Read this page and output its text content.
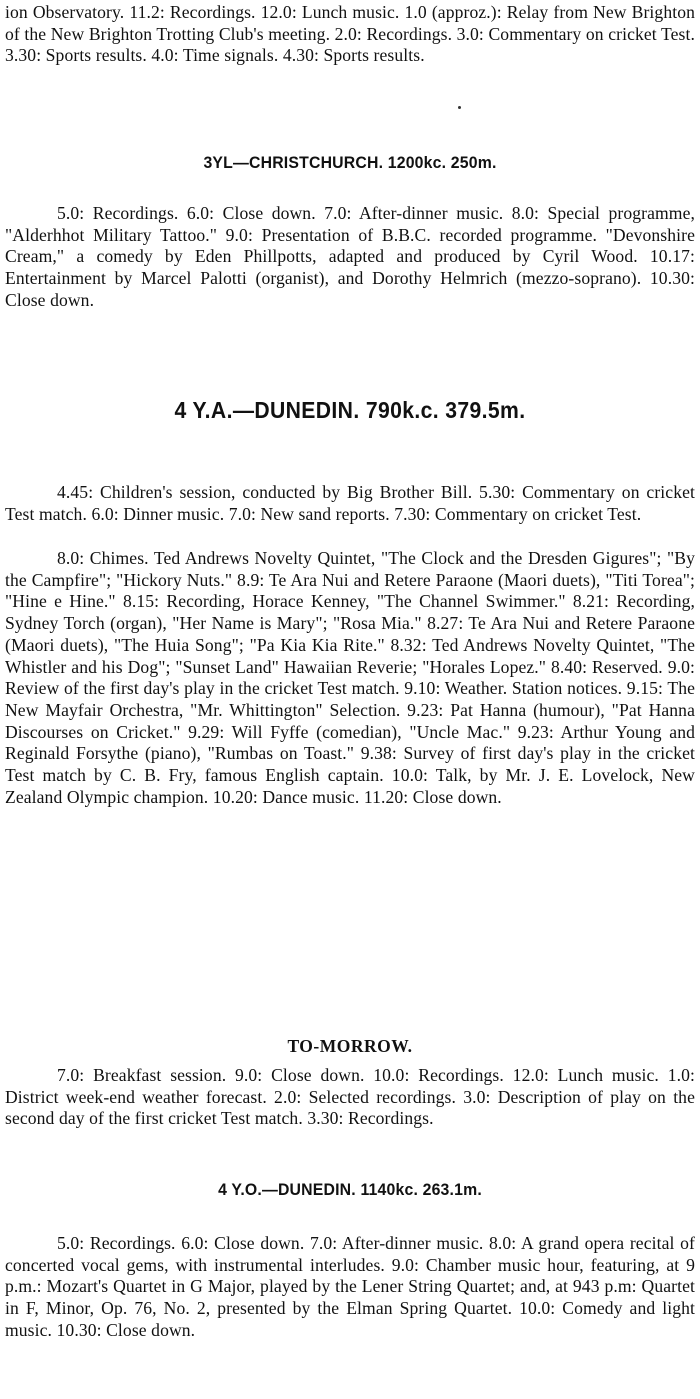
ion Observatory. 11.2: Recordings. 12.0: Lunch music. 1.0 (approz.): Relay from New Brighton of the New Brighton Trotting Club's meeting. 2.0: Recordings. 3.0: Commentary on cricket Test. 3.30: Sports results. 4.0: Time signals. 4.30: Sports results.

3YL—CHRISTCHURCH. 1200kc. 250m.

5.0: Recordings. 6.0: Close down. 7.0: After-dinner music. 8.0: Special programme, "Alderhhot Military Tattoo." 9.0: Presentation of B.B.C. recorded programme. "Devonshire Cream," a comedy by Eden Phillpotts, adapted and produced by Cyril Wood. 10.17: Entertainment by Marcel Palotti (organist), and Dorothy Helmrich (mezzo-soprano). 10.30: Close down.

4 Y.A.—DUNEDIN. 790k.c. 379.5m.

4.45: Children's session, conducted by Big Brother Bill. 5.30: Commentary on cricket Test match. 6.0: Dinner music. 7.0: New sand reports. 7.30: Commentary on cricket Test.

8.0: Chimes. Ted Andrews Novelty Quintet, "The Clock and the Dresden Gigures"; "By the Campfire"; "Hickory Nuts." 8.9: Te Ara Nui and Retere Paraone (Maori duets), "Titi Torea"; "Hine e Hine." 8.15: Recording, Horace Kenney, "The Channel Swimmer." 8.21: Recording, Sydney Torch (organ), "Her Name is Mary"; "Rosa Mia." 8.27: Te Ara Nui and Retere Paraone (Maori duets), "The Huia Song"; "Pa Kia Kia Rite." 8.32: Ted Andrews Novelty Quintet, "The Whistler and his Dog"; "Sunset Land" Hawaiian Reverie; "Horales Lopez." 8.40: Reserved. 9.0: Review of the first day's play in the cricket Test match. 9.10: Weather. Station notices. 9.15: The New Mayfair Orchestra, "Mr. Whittington" Selection. 9.23: Pat Hanna (humour), "Pat Hanna Discourses on Cricket." 9.29: Will Fyffe (comedian), "Uncle Mac." 9.23: Arthur Young and Reginald Forsythe (piano), "Rumbas on Toast." 9.38: Survey of first day's play in the cricket Test match by C. B. Fry, famous English captain. 10.0: Talk, by Mr. J. E. Lovelock, New Zealand Olympic champion. 10.20: Dance music. 11.20: Close down.

TO-MORROW.

7.0: Breakfast session. 9.0: Close down. 10.0: Recordings. 12.0: Lunch music. 1.0: District week-end weather forecast. 2.0: Selected recordings. 3.0: Description of play on the second day of the first cricket Test match. 3.30: Recordings.

4 Y.O.—DUNEDIN. 1140kc. 263.1m.

5.0: Recordings. 6.0: Close down. 7.0: After-dinner music. 8.0: A grand opera recital of concerted vocal gems, with instrumental interludes. 9.0: Chamber music hour, featuring, at 9 p.m.: Mozart's Quartet in G Major, played by the Lener String Quartet; and, at 943 p.m: Quartet in F, Minor, Op. 76, No. 2, presented by the Elman Spring Quartet. 10.0: Comedy and light music. 10.30: Close down.
